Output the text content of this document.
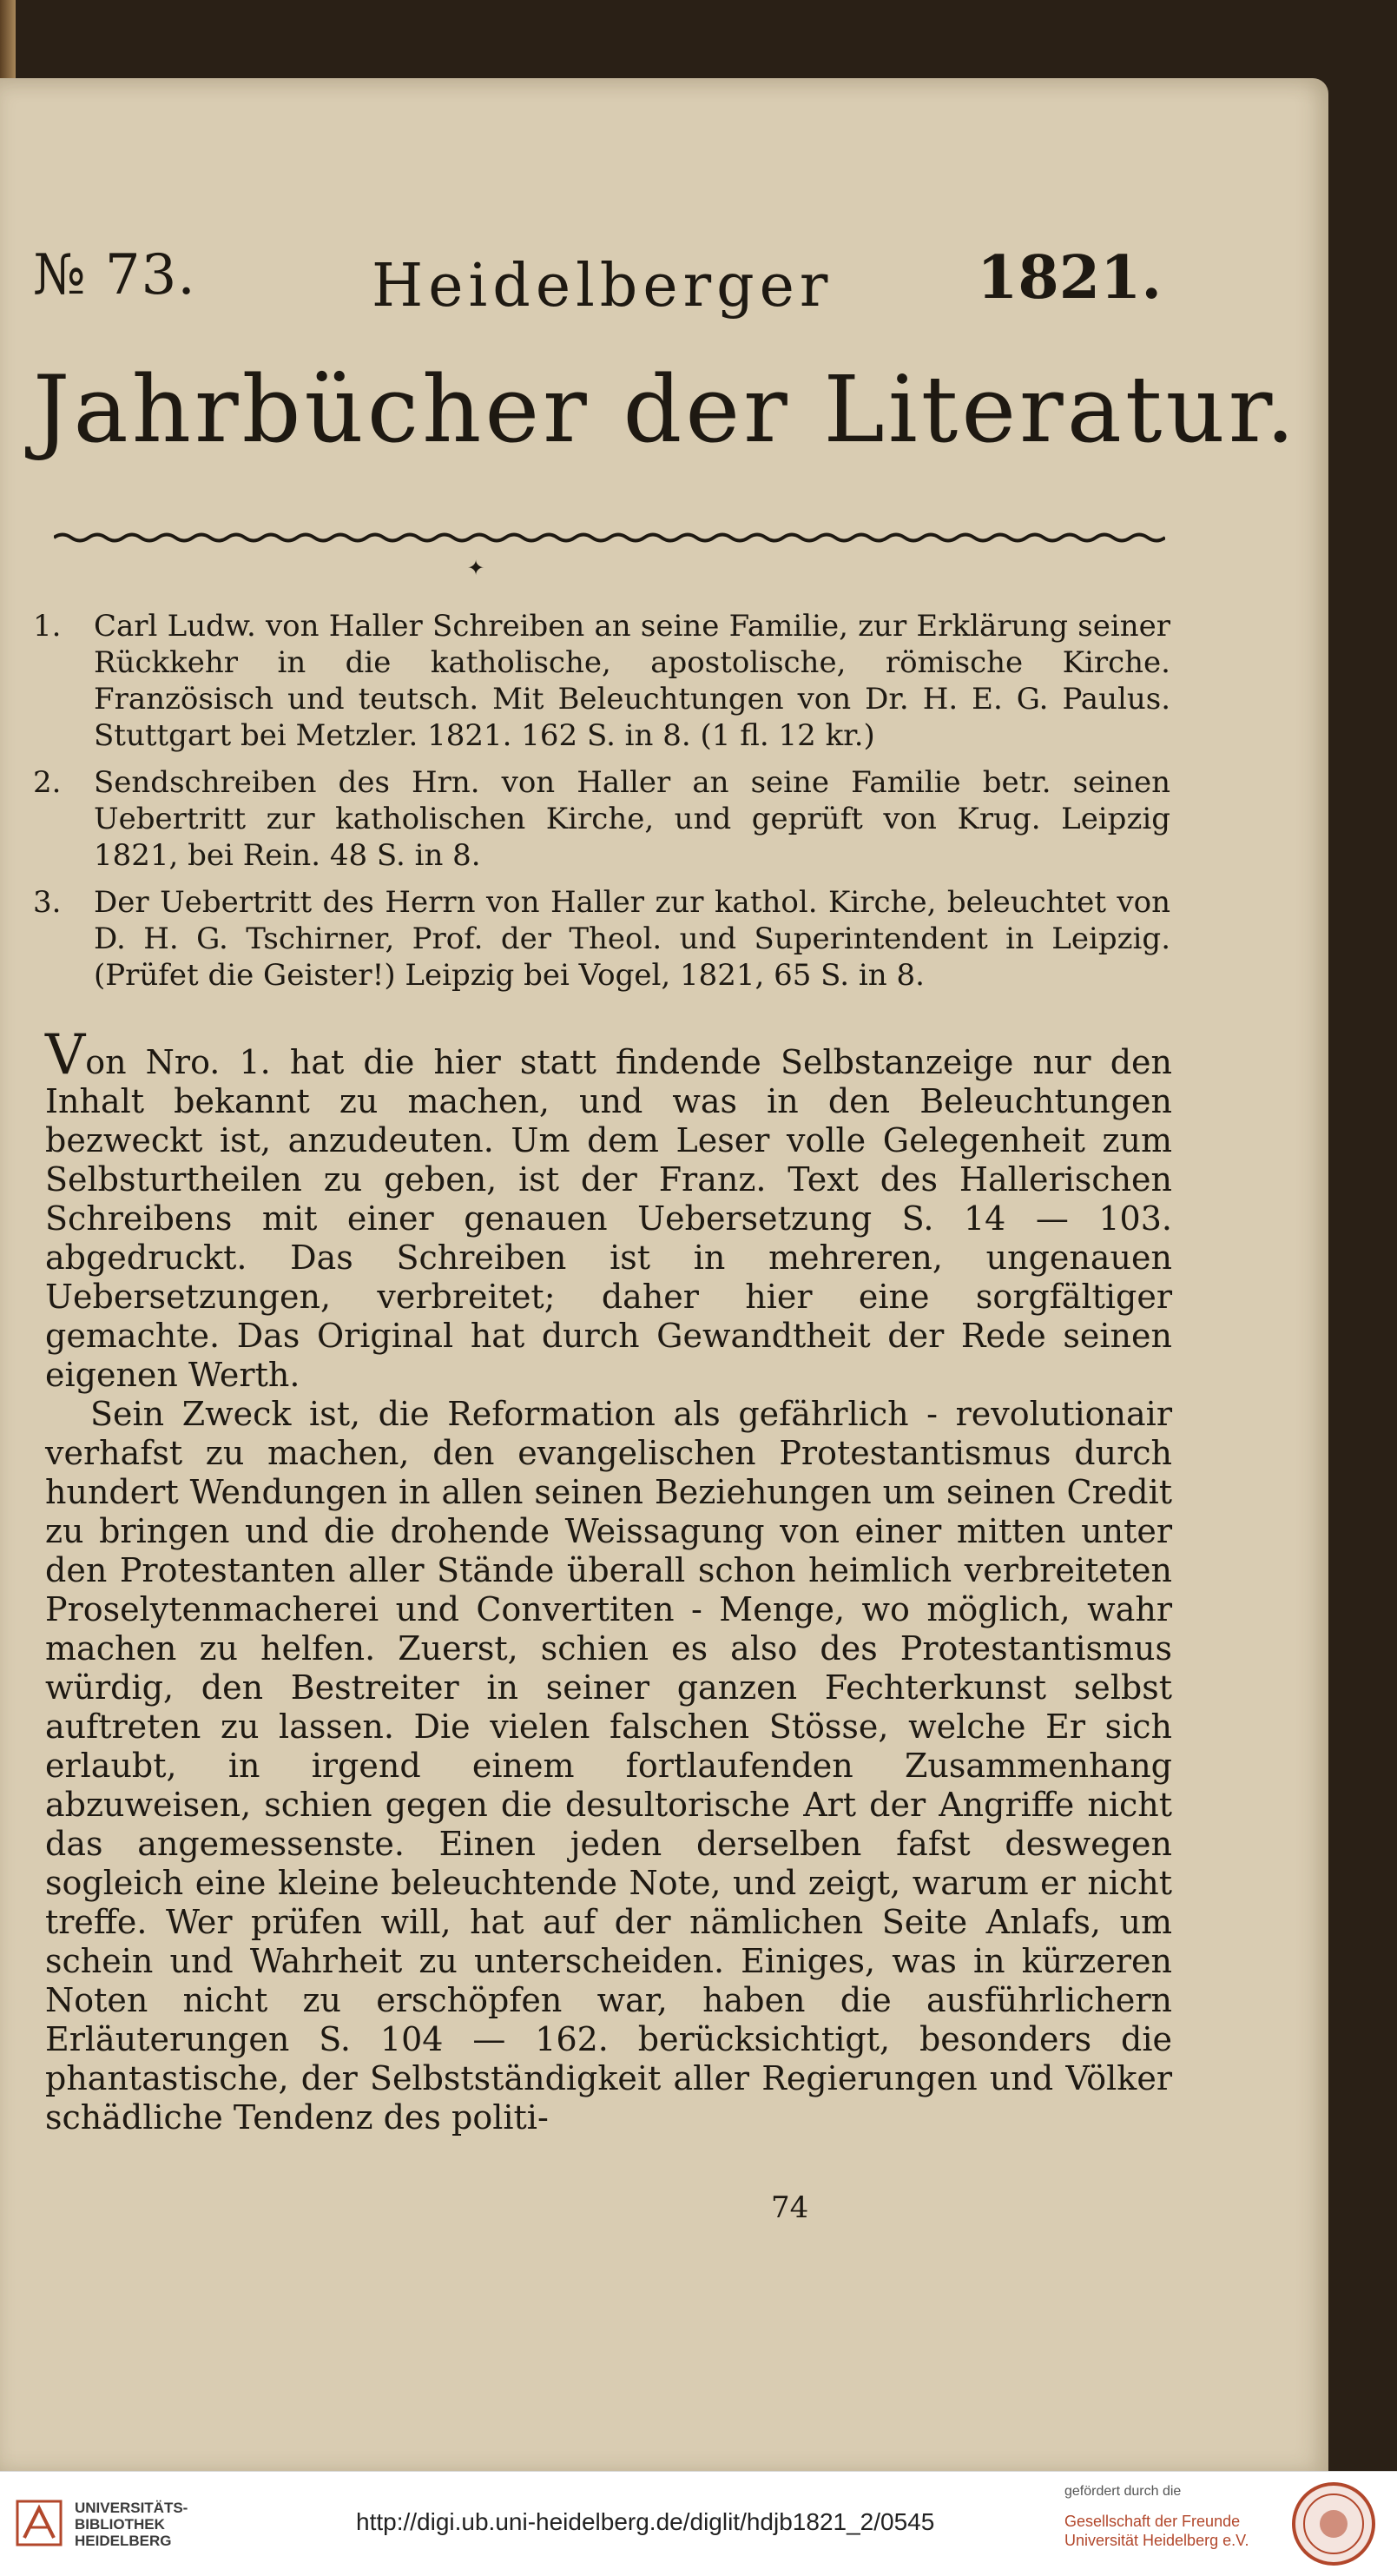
№ 73.	Heidelberger 1821.
Jahrbücher der Literatur.
✦
1.	Carl Ludw. von Haller Schreiben an seine Familie, zur Erklärung seiner Rückkehr in die katholische, apostolische, römische Kirche. Französisch und teutsch. Mit Beleuchtungen von Dr. H. E. G. Paulus. Stuttgart bei Metzler. 1821. 162 S. in 8. (1 fl. 12 kr.)
2.	Sendschreiben des Hrn. von Haller an seine Familie betr. seinen Uebertritt zur katholischen Kirche, und geprüft von Krug. Leipzig 1821, bei Rein. 48 S. in 8.
3.	Der Uebertritt des Herrn von Haller zur kathol. Kirche, beleuchtet von D. H. G. Tschirner, Prof. der Theol. und Superintendent in Leipzig. (Prüfet die Geister!) Leipzig bei Vogel, 1821, 65 S. in 8.

Von Nro. 1. hat die hier statt findende Selbstanzeige nur den Inhalt bekannt zu machen, und was in den Beleuchtungen bezweckt ist, anzudeuten. Um dem Leser volle Gelegenheit zum Selbsturtheilen zu geben, ist der Franz. Text des Hallerischen Schreibens mit einer genauen Uebersetzung S. 14 — 103. abgedruckt. Das Schreiben ist in mehreren, ungenauen Uebersetzungen, verbreitet; daher hier eine sorgfältiger gemachte. Das Original hat durch Gewandtheit der Rede seinen eigenen Werth.

Sein Zweck ist, die Reformation als gefährlich - revolutionair verhafst zu machen, den evangelischen Protestantismus durch hundert Wendungen in allen seinen Beziehungen um seinen Credit zu bringen und die drohende Weissagung von einer mitten unter den Protestanten aller Stände überall schon heimlich verbreiteten Proselytenmacherei und Convertiten - Menge, wo möglich, wahr machen zu helfen. Zuerst, schien es also des Protestantismus würdig, den Bestreiter in seiner ganzen Fechterkunst selbst auftreten zu lassen. Die vielen falschen Stösse, welche Er sich erlaubt, in irgend einem fortlaufenden Zusammenhang abzuweisen, schien gegen die desultorische Art der Angriffe nicht das angemessenste. Einen jeden derselben fafst deswegen sogleich eine kleine beleuchtende Note, und zeigt, warum er nicht treffe. Wer prüfen will, hat auf der nämlichen Seite Anlafs, um schein und Wahrheit zu unterscheiden. Einiges, was in kürzeren Noten nicht zu erschöpfen war, haben die ausführlichern Erläuterungen S. 104 — 162. berücksichtigt, besonders die phantastische, der Selbstständigkeit aller Regierungen und Völker schädliche Tendenz des politi-

74
UNIVERSITÄTS-
BIBLIOTHEK
HEIDELBERG
http://digi.ub.uni-heidelberg.de/diglit/hdjb1821_2/0545
gefördert durch die
Gesellschaft der Freunde
Universität Heidelberg e.V.
